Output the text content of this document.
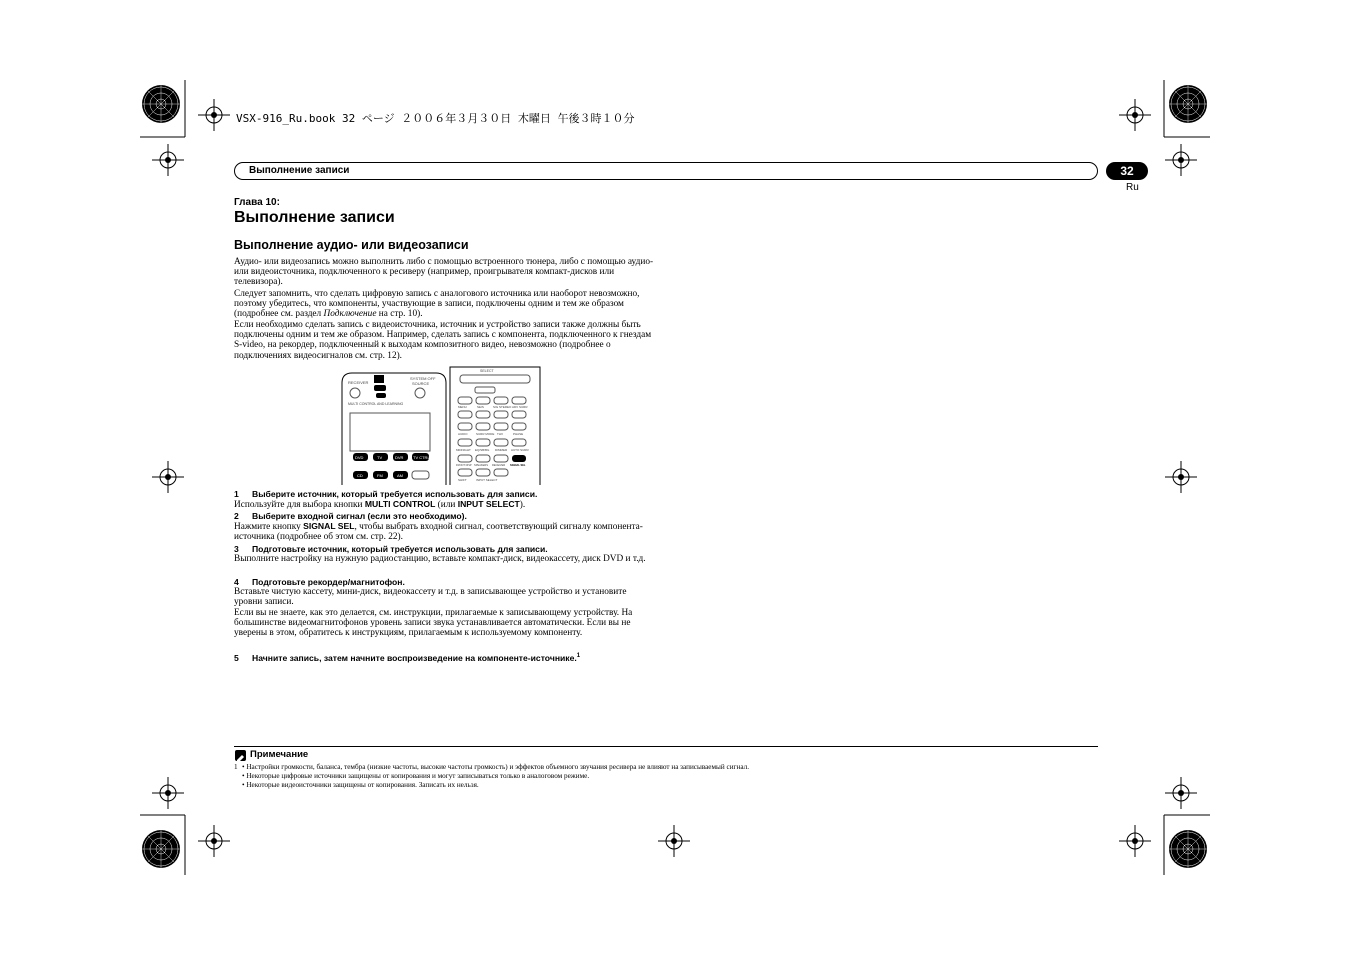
VSX-916_Ru.book 32 ページ ２００６年３月３０日 木曜日 午後３時１０分
Выполнение записи	32
Ru
Глава 10:
Выполнение записи
Выполнение аудио- или видеозаписи
Аудио- или видеозапись можно выполнить либо с помощью встроенного тюнера, либо с помощью аудио- или видеоисточника, подключенного к ресиверу (например, проигрывателя компакт-дисков или телевизора).
Следует запомнить, что сделать цифровую запись с аналогового источника или наоборот невозможно, поэтому убедитесь, что компоненты, участвующие в записи, подключены одним и тем же образом (подробнее см. раздел Подключение на стр. 10).
Если необходимо сделать запись с видеоисточника, источник и устройство записи также должны быть подключены одним и тем же образом. Например, сделать запись с компонента, подключенного к гнездам S-video, на рекордер, подключенный к выходам композитного видео, невозможно (подробнее о подключениях видеосигналов см. стр. 12).
RECEIVER
SYSTEM OFF
SOURCE
MULTI CONTROL AND LEARNING
DVD	TV	DVR TV CTRL
CD	FM	AM
SELECT
MENU	SEIS	SIG STEREO ADV SURR
AUDIO	SURR MODE THX	PHASE
MIDNIGHT EQ/SB/BG DIMMER AUTO SURR
FRONT DISP SPEAKERS RECEIVER SIGNAL SEL
SHIFT	INPUT SELECT
1 Выберите источник, который требуется использовать для записи.
Используйте для выбора кнопки MULTI CONTROL (или INPUT SELECT).
2 Выберите входной сигнал (если это необходимо).
Нажмите кнопку SIGNAL SEL, чтобы выбрать входной сигнал, соответствующий сигналу компонента-источника (подробнее об этом см. стр. 22).
3 Подготовьте источник, который требуется использовать для записи.
Выполните настройку на нужную радиостанцию, вставьте компакт-диск, видеокассету, диск DVD и т.д.
4 Подготовьте рекордер/магнитофон.
Вставьте чистую кассету, мини-диск, видеокассету и т.д. в записывающее устройство и установите уровни записи.
Если вы не знаете, как это делается, см. инструкции, прилагаемые к записывающему устройству. На большинстве видеомагнитофонов уровень записи звука устанавливается автоматически. Если вы не уверены в этом, обратитесь к инструкциям, прилагаемым к используемому компоненту.
5 Начните запись, затем начните воспроизведение на компоненте-источнике.$^1$
Примечание
1 • Настройки громкости, баланса, тембра (низкие частоты, высокие частоты громкость) и эффектов объемного звучания ресивера не влияют на записываемый сигнал.
• Некоторые цифровые источники защищены от копирования и могут записываться только в аналоговом режиме.
• Некоторые видеоисточники защищены от копирования. Записать их нельзя.
